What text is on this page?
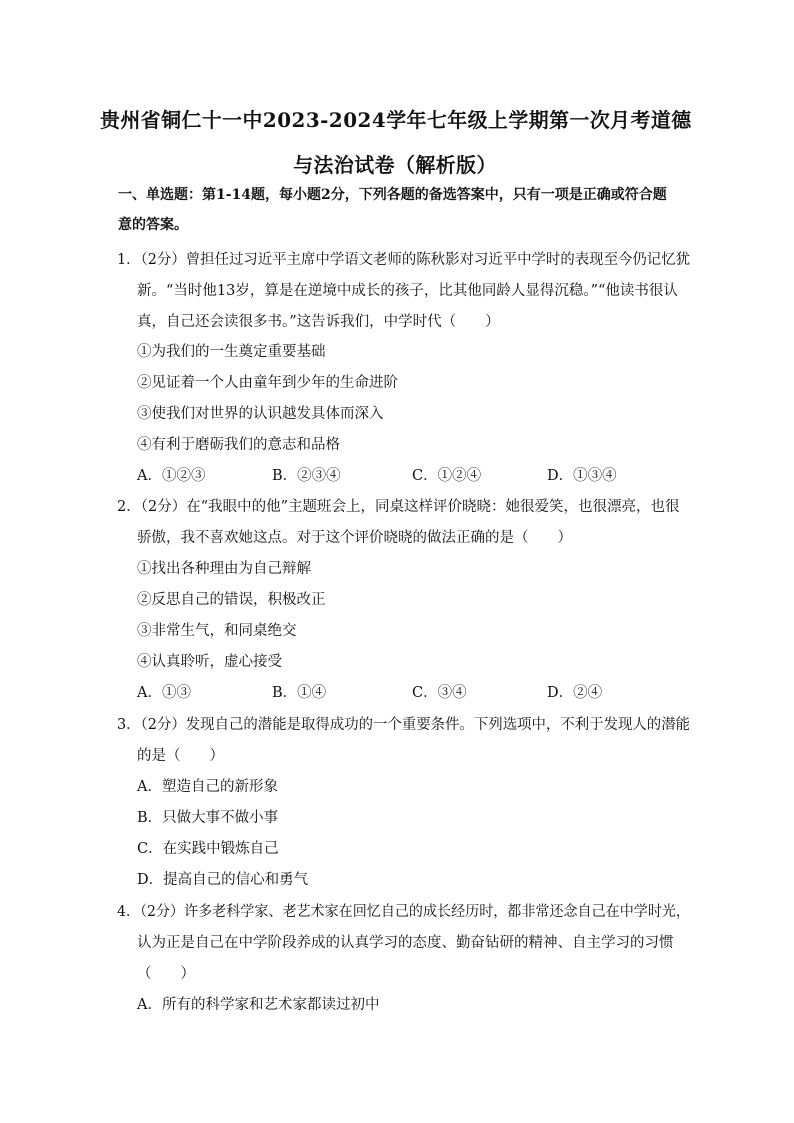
贵州省铜仁十一中2023-2024学年七年级上学期第一次月考道德
与法治试卷（解析版）
一、单选题：第1-14题，每小题2分，下列各题的备选答案中，只有一项是正确或符合题意的答案。
1．（2分）曾担任过习近平主席中学语文老师的陈秋影对习近平中学时的表现至今仍记忆犹
新。“当时他13岁，算是在逆境中成长的孩子，比其他同龄人显得沉稳。”“他读书很认
真，自己还会读很多书。”这告诉我们，中学时代（　　）
①为我们的一生奠定重要基础
②见证着一个人由童年到少年的生命进阶
③使我们对世界的认识越发具体而深入
④有利于磨砺我们的意志和品格
A．①②③	B．②③④	C．①②④	D．①③④
2．（2分）在“我眼中的他”主题班会上，同桌这样评价晓晓：她很爱笑，也很漂亮，也很
骄傲，我不喜欢她这点。对于这个评价晓晓的做法正确的是（　　）
①找出各种理由为自己辩解
②反思自己的错误，积极改正
③非常生气，和同桌绝交
④认真聆听，虚心接受
A．①③	B．①④	C．③④	D．②④
3．（2分）发现自己的潜能是取得成功的一个重要条件。下列选项中，不利于发现人的潜能
的是（　　）
A．塑造自己的新形象
B．只做大事不做小事
C．在实践中锻炼自己
D．提高自己的信心和勇气
4．（2分）许多老科学家、老艺术家在回忆自己的成长经历时，都非常还念自己在中学时光，
认为正是自己在中学阶段养成的认真学习的态度、勤奋钻研的精神、自主学习的习惯
（　　）
A．所有的科学家和艺术家都读过初中
